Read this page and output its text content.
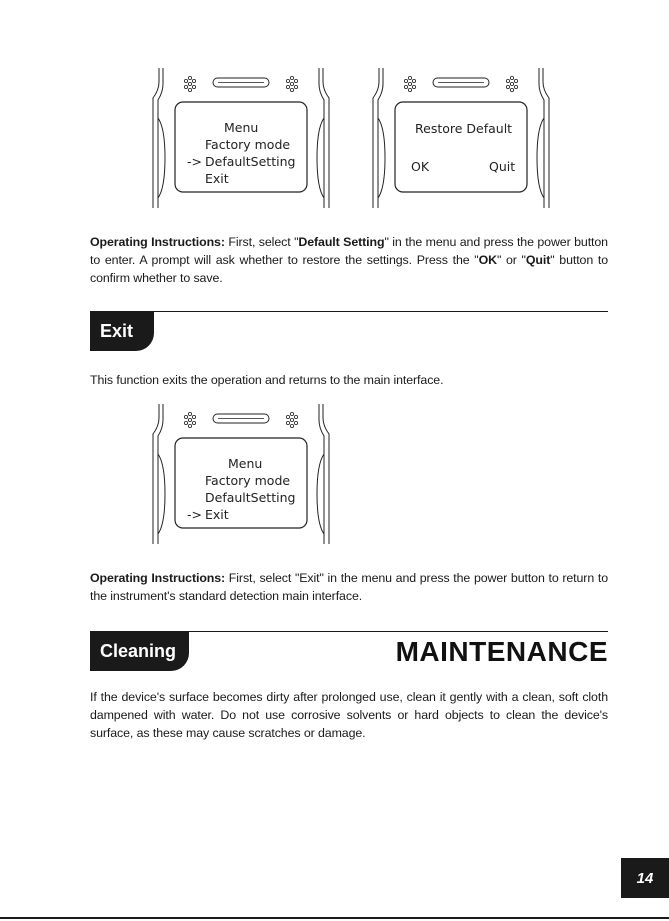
Menu
Factory mode
-> DefaultSetting
Exit
Restore Default
OK	Quit
Operating Instructions: First, select "Default Setting" in the menu and press the power button to enter. A prompt will ask whether to restore the settings. Press the "OK" or "Quit" button to confirm whether to save.
Exit
This function exits the operation and returns to the main interface.
Menu
Factory mode
DefaultSetting
-> Exit
Operating Instructions: First, select "Exit" in the menu and press the power button to return to the instrument's standard detection main interface.
Cleaning	MAINTENANCE
If the device's surface becomes dirty after prolonged use, clean it gently with a clean, soft cloth dampened with water. Do not use corrosive solvents or hard objects to clean the device's surface, as these may cause scratches or damage.
14
